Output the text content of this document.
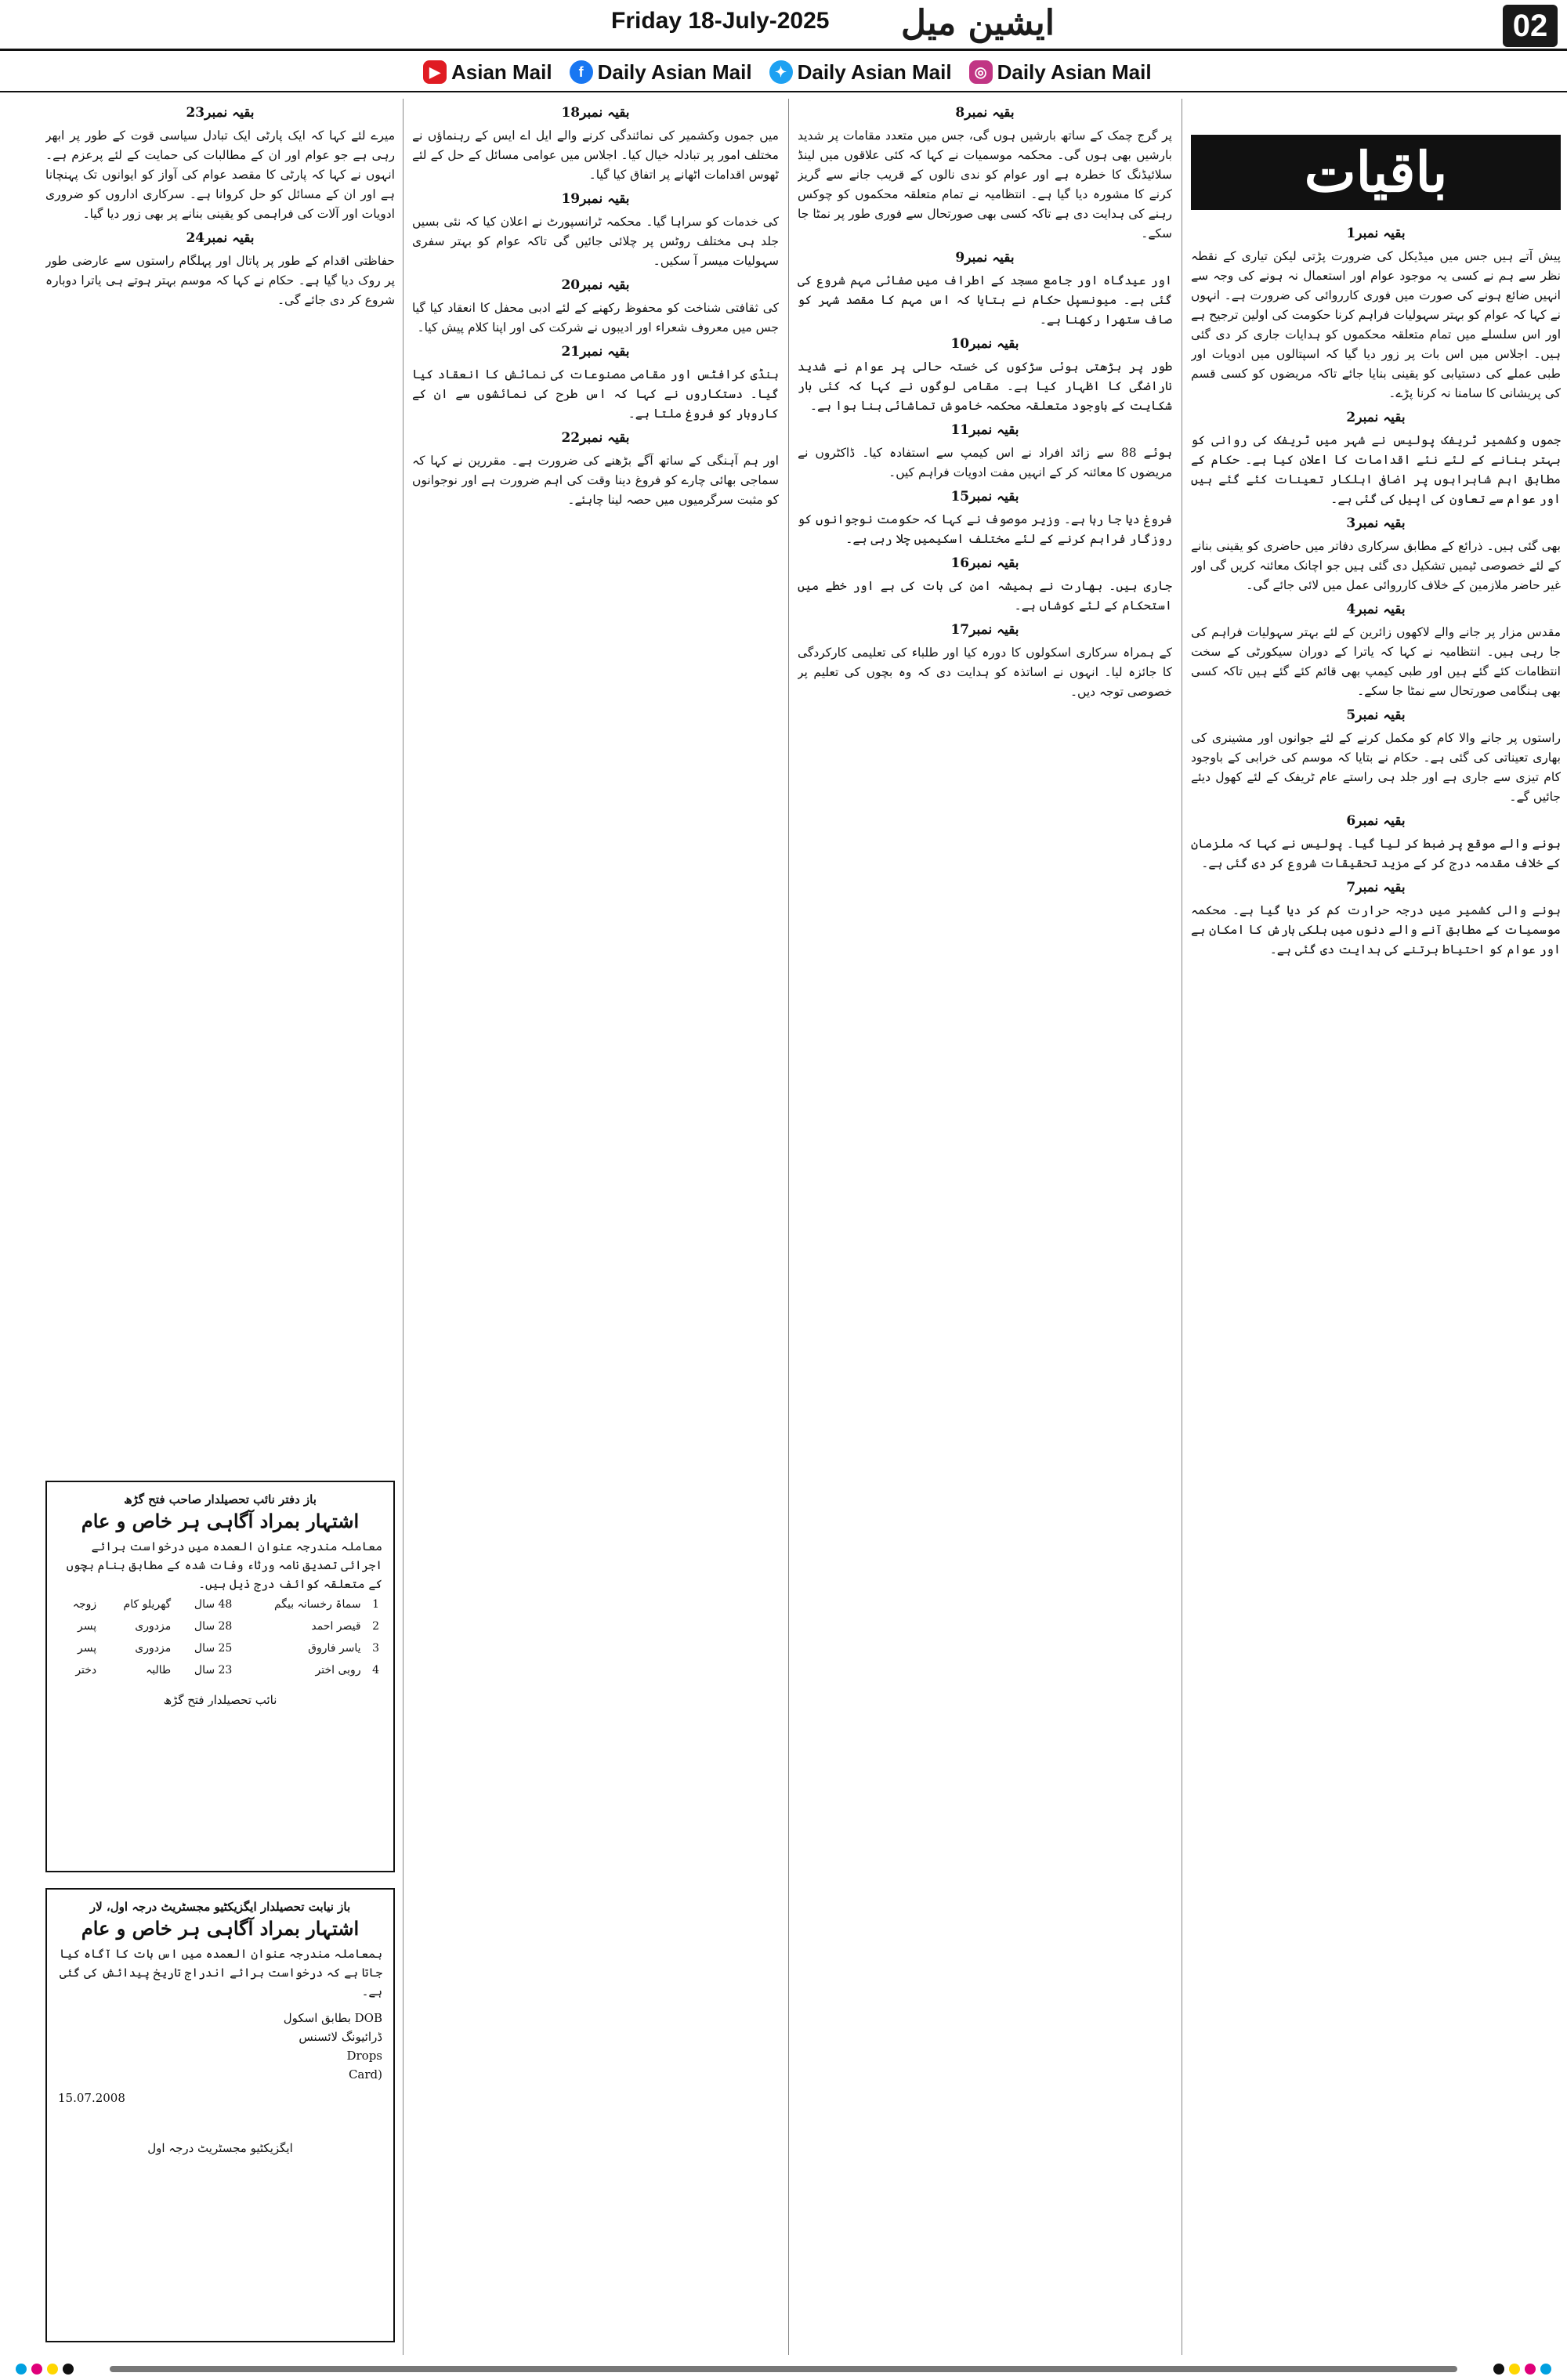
Friday 18-July-2025 ایشین میل	02
▶ Asian Mail	f Daily Asian Mail	✦ Daily Asian Mail	◎ Daily Asian Mail
باقیات
بقیہ نمبر1

پیش آتے ہیں جس میں میڈیکل کی ضرورت پڑتی لیکن تیاری کے نقطہ نظر سے ہم نے کسی یہ موجود عوام اور استعمال نہ ہونے کی وجہ سے انہیں ضائع ہونے کی صورت میں فوری کارروائی کی ضرورت ہے۔ انہوں نے کہا کہ عوام کو بہتر سہولیات فراہم کرنا حکومت کی اولین ترجیح ہے اور اس سلسلے میں تمام متعلقہ محکموں کو ہدایات جاری کر دی گئی ہیں۔ اجلاس میں اس بات پر زور دیا گیا کہ اسپتالوں میں ادویات اور طبی عملے کی دستیابی کو یقینی بنایا جائے تاکہ مریضوں کو کسی قسم کی پریشانی کا سامنا نہ کرنا پڑے۔

بقیہ نمبر2

جموں وکشمیر ٹریفک پولیس نے شہر میں ٹریفک کی روانی کو بہتر بنانے کے لئے نئے اقدامات کا اعلان کیا ہے۔ حکام کے مطابق اہم شاہراہوں پر اضافی اہلکار تعینات کئے گئے ہیں اور عوام سے تعاون کی اپیل کی گئی ہے۔

بقیہ نمبر3

بھی گئی ہیں۔ ذرائع کے مطابق سرکاری دفاتر میں حاضری کو یقینی بنانے کے لئے خصوصی ٹیمیں تشکیل دی گئی ہیں جو اچانک معائنہ کریں گی اور غیر حاضر ملازمین کے خلاف کارروائی عمل میں لائی جائے گی۔

بقیہ نمبر4

مقدس مزار پر جانے والے لاکھوں زائرین کے لئے بہتر سہولیات فراہم کی جا رہی ہیں۔ انتظامیہ نے کہا کہ یاترا کے دوران سیکورٹی کے سخت انتظامات کئے گئے ہیں اور طبی کیمپ بھی قائم کئے گئے ہیں تاکہ کسی بھی ہنگامی صورتحال سے نمٹا جا سکے۔

بقیہ نمبر5

راستوں پر جانے والا کام کو مکمل کرنے کے لئے جوانوں اور مشینری کی بھاری تعیناتی کی گئی ہے۔ حکام نے بتایا کہ موسم کی خرابی کے باوجود کام تیزی سے جاری ہے اور جلد ہی راستے عام ٹریفک کے لئے کھول دیئے جائیں گے۔

بقیہ نمبر6

ہونے والے موقع پر ضبط کر لیا گیا۔ پولیس نے کہا کہ ملزمان کے خلاف مقدمہ درج کر کے مزید تحقیقات شروع کر دی گئی ہے۔

بقیہ نمبر7

ہونے والی کشمیر میں درجہ حرارت کم کر دیا گیا ہے۔ محکمہ موسمیات کے مطابق آنے والے دنوں میں ہلکی بارش کا امکان ہے اور عوام کو احتیاط برتنے کی ہدایت دی گئی ہے۔

بقیہ نمبر8

پر گرج چمک کے ساتھ بارشیں ہوں گی، جس میں متعدد مقامات پر شدید بارشیں بھی ہوں گی۔ محکمہ موسمیات نے کہا کہ کئی علاقوں میں لینڈ سلائیڈنگ کا خطرہ ہے اور عوام کو ندی نالوں کے قریب جانے سے گریز کرنے کا مشورہ دیا گیا ہے۔ انتظامیہ نے تمام متعلقہ محکموں کو چوکس رہنے کی ہدایت دی ہے تاکہ کسی بھی صورتحال سے فوری طور پر نمٹا جا سکے۔

بقیہ نمبر9

اور عیدگاہ اور جامع مسجد کے اطراف میں صفائی مہم شروع کی گئی ہے۔ میونسپل حکام نے بتایا کہ اس مہم کا مقصد شہر کو صاف ستھرا رکھنا ہے۔

بقیہ نمبر10

طور پر بڑھتی ہوئی سڑکوں کی خستہ حالی پر عوام نے شدید ناراضگی کا اظہار کیا ہے۔ مقامی لوگوں نے کہا کہ کئی بار شکایت کے باوجود متعلقہ محکمہ خاموش تماشائی بنا ہوا ہے۔

بقیہ نمبر11

ہوئے 88 سے زائد افراد نے اس کیمپ سے استفادہ کیا۔ ڈاکٹروں نے مریضوں کا معائنہ کر کے انہیں مفت ادویات فراہم کیں۔

بقیہ نمبر15

فروغ دیا جا رہا ہے۔ وزیر موصوف نے کہا کہ حکومت نوجوانوں کو روزگار فراہم کرنے کے لئے مختلف اسکیمیں چلا رہی ہے۔

بقیہ نمبر16

جاری ہیں۔ بھارت نے ہمیشہ امن کی بات کی ہے اور خطے میں استحکام کے لئے کوشاں ہے۔

بقیہ نمبر17

کے ہمراہ سرکاری اسکولوں کا دورہ کیا اور طلباء کی تعلیمی کارکردگی کا جائزہ لیا۔ انہوں نے اساتذہ کو ہدایت دی کہ وہ بچوں کی تعلیم پر خصوصی توجہ دیں۔

بقیہ نمبر18

میں جموں وکشمیر کی نمائندگی کرنے والے ایل اے ایس کے رہنماؤں نے مختلف امور پر تبادلہ خیال کیا۔ اجلاس میں عوامی مسائل کے حل کے لئے ٹھوس اقدامات اٹھانے پر اتفاق کیا گیا۔

بقیہ نمبر19

کی خدمات کو سراہا گیا۔ محکمہ ٹرانسپورٹ نے اعلان کیا کہ نئی بسیں جلد ہی مختلف روٹس پر چلائی جائیں گی تاکہ عوام کو بہتر سفری سہولیات میسر آ سکیں۔

بقیہ نمبر20

کی ثقافتی شناخت کو محفوظ رکھنے کے لئے ادبی محفل کا انعقاد کیا گیا جس میں معروف شعراء اور ادیبوں نے شرکت کی اور اپنا کلام پیش کیا۔

بقیہ نمبر21

ہنڈی کرافٹس اور مقامی مصنوعات کی نمائش کا انعقاد کیا گیا۔ دستکاروں نے کہا کہ اس طرح کی نمائشوں سے ان کے کاروبار کو فروغ ملتا ہے۔

بقیہ نمبر22

اور ہم آہنگی کے ساتھ آگے بڑھنے کی ضرورت ہے۔ مقررین نے کہا کہ سماجی بھائی چارے کو فروغ دینا وقت کی اہم ضرورت ہے اور نوجوانوں کو مثبت سرگرمیوں میں حصہ لینا چاہئے۔

بقیہ نمبر23

میرے لئے کہا کہ ایک پارٹی ایک تبادل سیاسی قوت کے طور پر ابھر رہی ہے جو عوام اور ان کے مطالبات کی حمایت کے لئے پرعزم ہے۔ انہوں نے کہا کہ پارٹی کا مقصد عوام کی آواز کو ایوانوں تک پہنچانا ہے اور ان کے مسائل کو حل کروانا ہے۔ سرکاری اداروں کو ضروری ادویات اور آلات کی فراہمی کو یقینی بنانے پر بھی زور دیا گیا۔

بقیہ نمبر24

حفاظتی اقدام کے طور پر پاتال اور پہلگام راستوں سے عارضی طور پر روک دیا گیا ہے۔ حکام نے کہا کہ موسم بہتر ہوتے ہی یاترا دوبارہ شروع کر دی جائے گی۔

باز دفتر نائب تحصیلدار صاحب فتح گڑھ
اشتہار بمراد آگاہی ہر خاص و عام
معاملہ مندرجہ عنوان العمدہ میں درخواست برائے اجرائی تصدیق نامہ ورثاء وفات شدہ کے مطابق بنام بچوں کے متعلقہ کوائف درج ذیل ہیں۔
1	سماۃ رخسانہ بیگم	48 سال	گھریلو کام	زوجہ
2	قیصر احمد	28 سال	مزدوری	پسر
3	یاسر فاروق	25 سال	مزدوری	پسر
4	روبی اختر	23 سال	طالبہ	دختر
نائب تحصیلدار فتح گڑھ
باز نیابت تحصیلدار ایگزیکٹیو مجسٹریٹ درجہ اول، لار
اشتہار بمراد آگاہی ہر خاص و عام
بمعاملہ مندرجہ عنوان العمدہ میں اس بات کا آگاہ کیا جاتا ہے کہ درخواست برائے اندراج تاریخ پیدائش کی گئی ہے۔
DOB بطابق اسکول
ڈرائیونگ لائسنس
Drops
(Card
15.07.2008
ایگزیکٹیو مجسٹریٹ درجہ اول
